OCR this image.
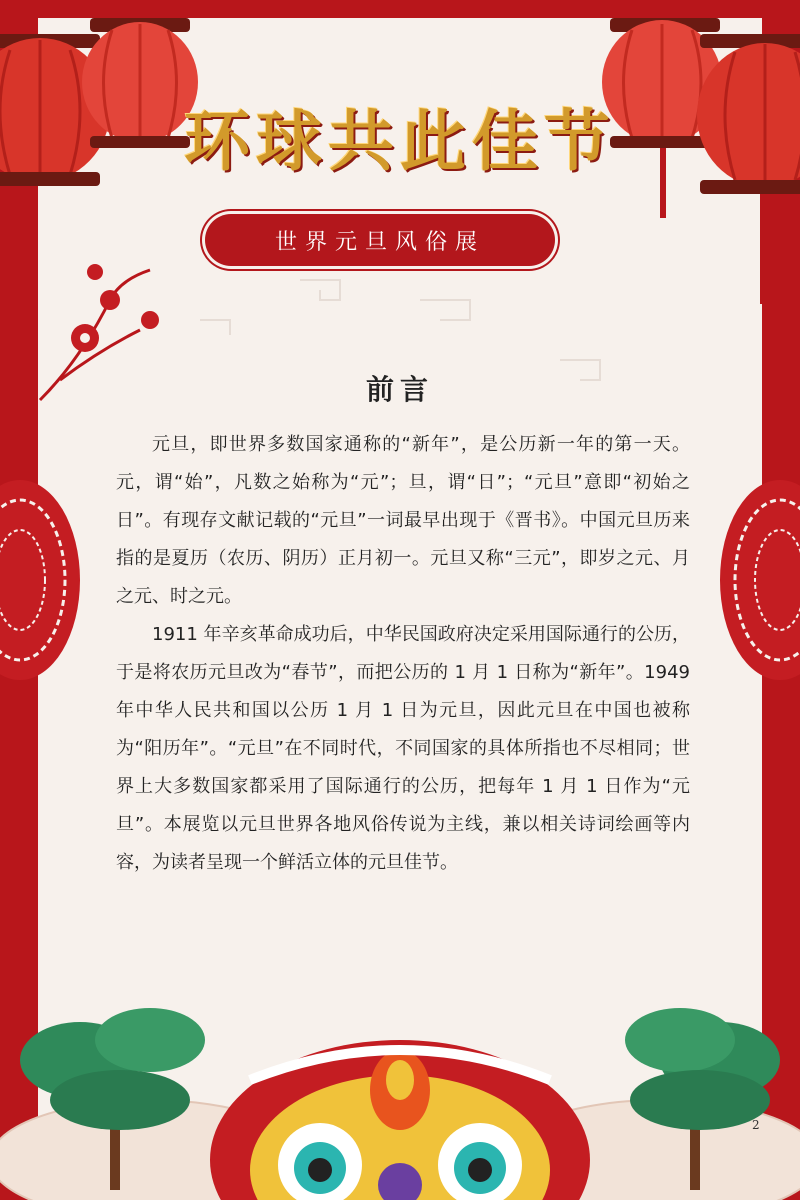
环球共此佳节
世界元旦风俗展
前言

元旦，即世界多数国家通称的“新年”，是公历新一年的第一天。元，谓“始”，凡数之始称为“元”；旦，谓“日”；“元旦”意即“初始之日”。有现存文献记载的“元旦”一词最早出现于《晋书》。中国元旦历来指的是夏历（农历、阴历）正月初一。元旦又称“三元”，即岁之元、月之元、时之元。

1911 年辛亥革命成功后，中华民国政府决定采用国际通行的公历，于是将农历元旦改为“春节”，而把公历的 1 月 1 日称为“新年”。1949 年中华人民共和国以公历 1 月 1 日为元旦，因此元旦在中国也被称为“阳历年”。“元旦”在不同时代，不同国家的具体所指也不尽相同；世界上大多数国家都采用了国际通行的公历，把每年 1 月 1 日作为“元旦”。本展览以元旦世界各地风俗传说为主线，兼以相关诗词绘画等内容，为读者呈现一个鲜活立体的元旦佳节。

2
